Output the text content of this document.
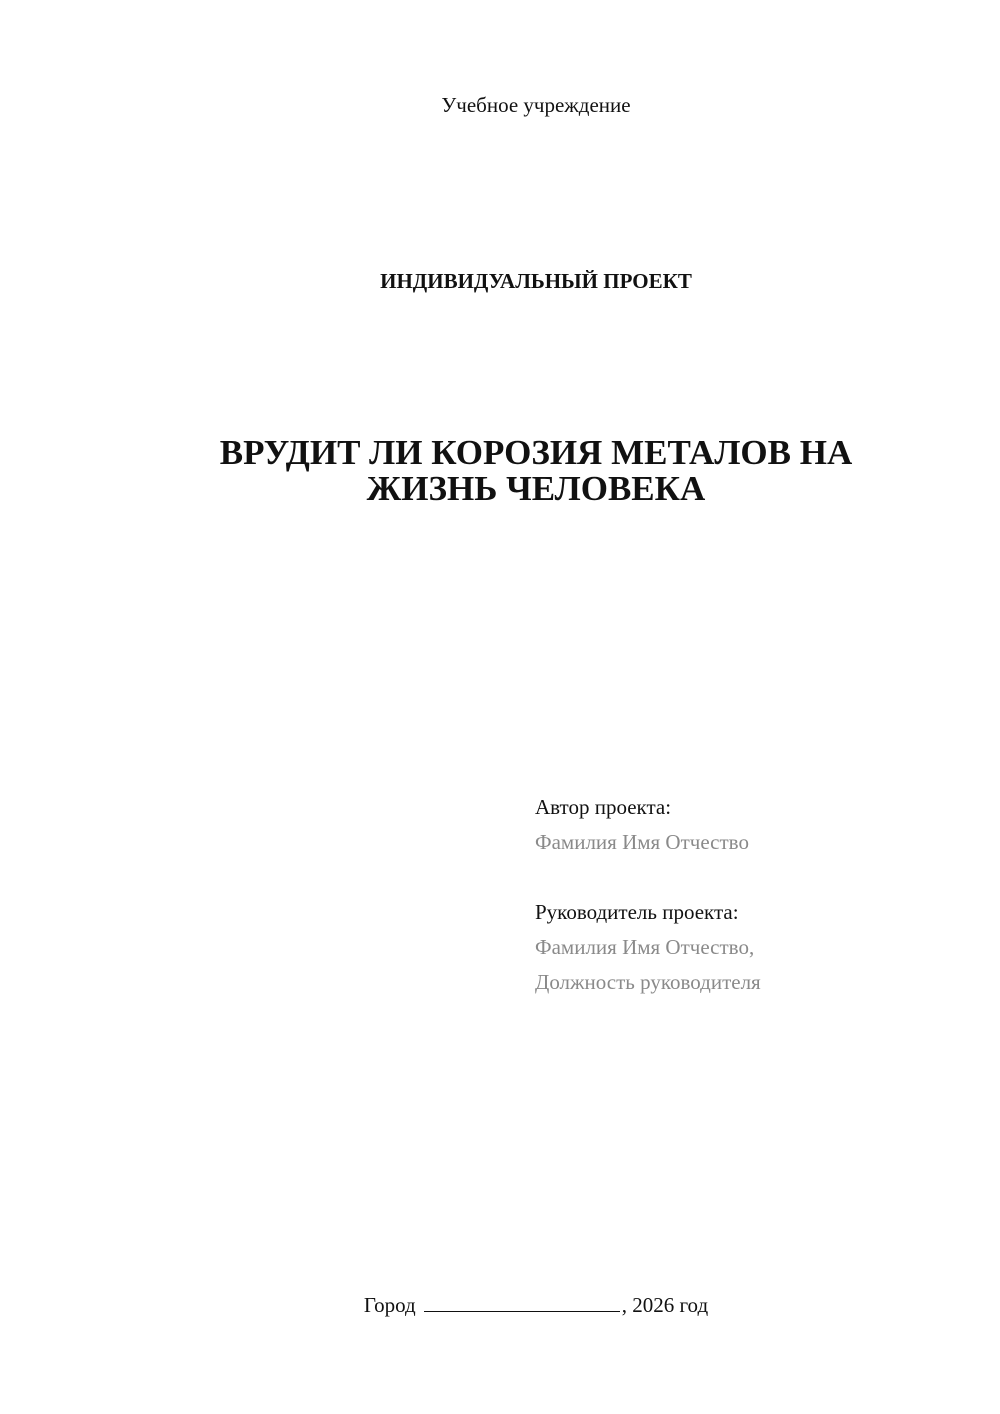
Учебное учреждение
ИНДИВИДУАЛЬНЫЙ ПРОЕКТ
ВРУДИТ ЛИ КОРОЗИЯ МЕТАЛОВ НА
ЖИЗНЬ ЧЕЛОВЕКА
Автор проекта:
Фамилия Имя Отчество
Руководитель проекта:
Фамилия Имя Отчество,
Должность руководителя
Город	, 2026 год
